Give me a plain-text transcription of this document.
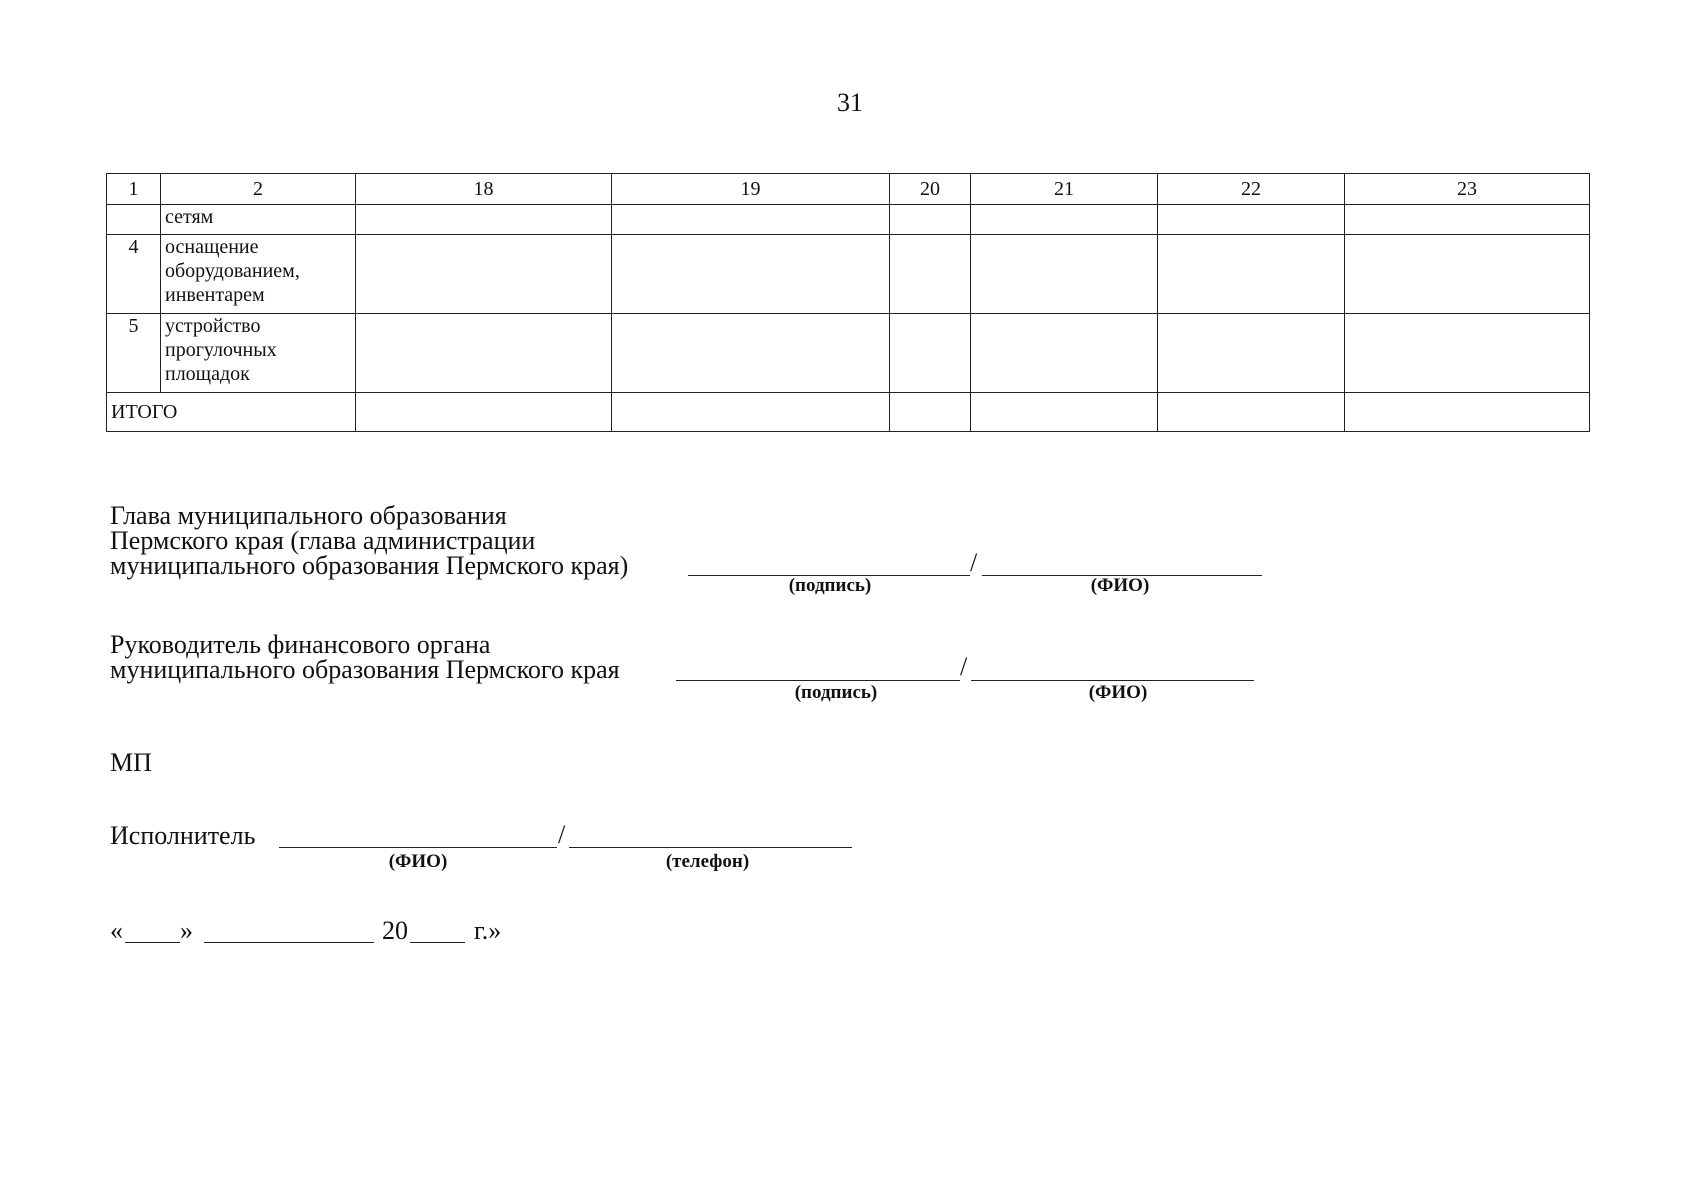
31
1	2	18	19	20	21	22	23
	сетям						
4	оснащение оборудованием, инвентарем						
5	устройство прогулочных площадок						
ИТОГО							
Глава муниципального образования
Пермского края (глава администрации
муниципального образования Пермского края)	/
(подпись)	(ФИО)
Руководитель финансового органа
муниципального образования Пермского края	/
(подпись)	(ФИО)
МП
Исполнитель	/
(ФИО)	(телефон)
« »	20	г.»
